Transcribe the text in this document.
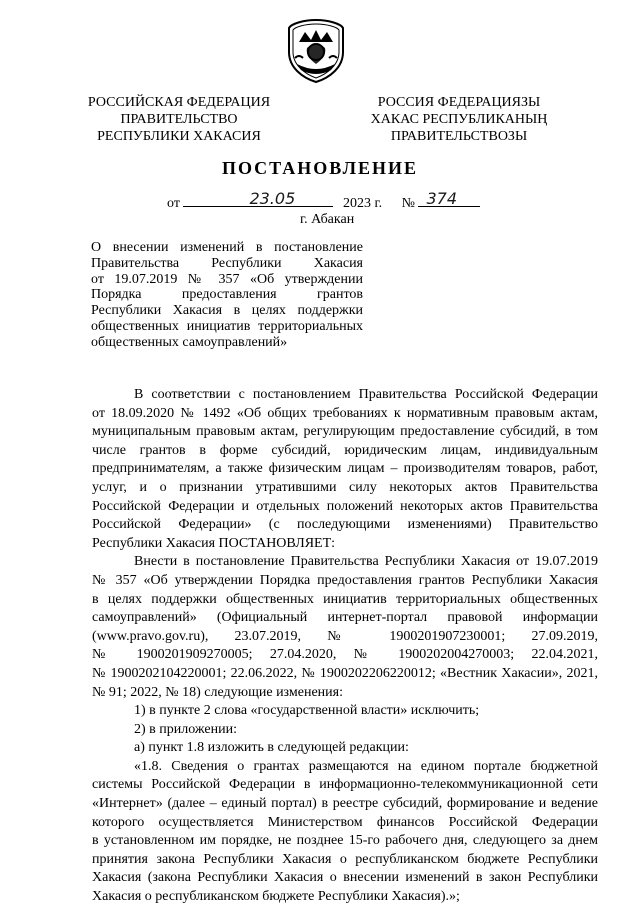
РОССИЙСКАЯ ФЕДЕРАЦИЯ
ПРАВИТЕЛЬСТВО
РЕСПУБЛИКИ ХАКАСИЯ
РОССИЯ ФЕДЕРАЦИЯЗЫ
ХАКАС РЕСПУБЛИКАНЫҢ
ПРАВИТЕЛЬСТВОЗЫ
ПОСТАНОВЛЕНИЕ
от	23.05	2023 г. № 374
г. Абакан
О внесении изменений в постановление
Правительства Республики Хакасия
от 19.07.2019 № 357 «Об утверждении
Порядка предоставления грантов
Республики Хакасия в целях поддержки
общественных инициатив территориальных
общественных самоуправлений»
В соответствии с постановлением Правительства Российской Федерации
от 18.09.2020 № 1492 «Об общих требованиях к нормативным правовым актам,
муниципальным правовым актам, регулирующим предоставление субсидий, в том
числе грантов в форме субсидий, юридическим лицам, индивидуальным
предпринимателям, а также физическим лицам – производителям товаров, работ,
услуг, и о признании утратившими силу некоторых актов Правительства
Российской Федерации и отдельных положений некоторых актов Правительства
Российской Федерации» (с последующими изменениями) Правительство
Республики Хакасия ПОСТАНОВЛЯЕТ:
Внести в постановление Правительства Республики Хакасия от 19.07.2019
№ 357 «Об утверждении Порядка предоставления грантов Республики Хакасия
в целях поддержки общественных инициатив территориальных общественных
самоуправлений» (Официальный интернет-портал правовой информации
(www.pravo.gov.ru), 23.07.2019, № 1900201907230001; 27.09.2019,
№ 1900201909270005; 27.04.2020, № 1900202004270003; 22.04.2021,
№ 1900202104220001; 22.06.2022, № 1900202206220012; «Вестник Хакасии», 2021,
№ 91; 2022, № 18) следующие изменения:
1) в пункте 2 слова «государственной власти» исключить;
2) в приложении:
а) пункт 1.8 изложить в следующей редакции:
«1.8. Сведения о грантах размещаются на едином портале бюджетной
системы Российской Федерации в информационно-телекоммуникационной сети
«Интернет» (далее – единый портал) в реестре субсидий, формирование и ведение
которого осуществляется Министерством финансов Российской Федерации
в установленном им порядке, не позднее 15-го рабочего дня, следующего за днем
принятия закона Республики Хакасия о республиканском бюджете Республики
Хакасия (закона Республики Хакасия о внесении изменений в закон Республики
Хакасия о республиканском бюджете Республики Хакасия).»;
